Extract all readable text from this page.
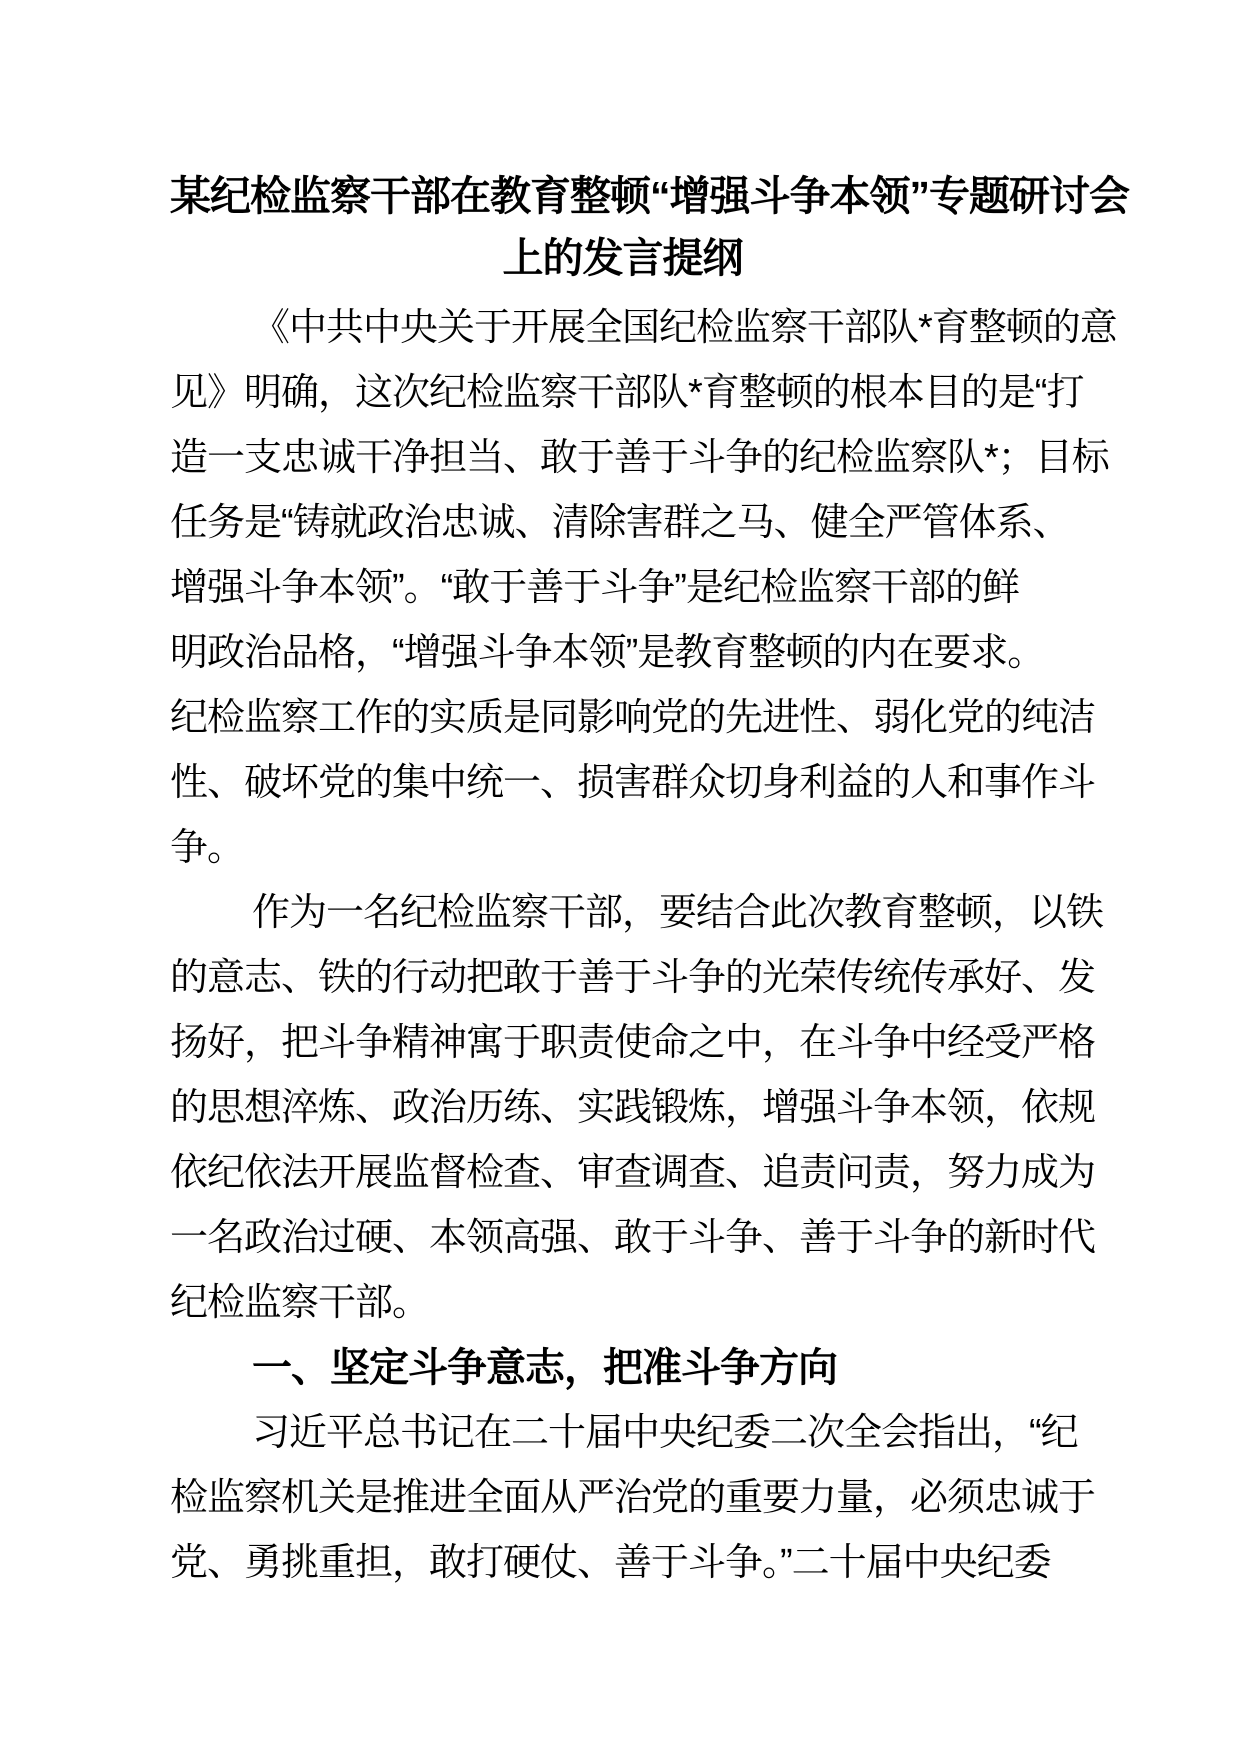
某纪检监察干部在教育整顿“增强斗争本领”专题研讨会
上的发言提纲
《中共中央关于开展全国纪检监察干部队*育整顿的意
见》明确，这次纪检监察干部队*育整顿的根本目的是“打
造一支忠诚干净担当、敢于善于斗争的纪检监察队*；目标
任务是“铸就政治忠诚、清除害群之马、健全严管体系、
增强斗争本领”。“敢于善于斗争”是纪检监察干部的鲜
明政治品格，“增强斗争本领”是教育整顿的内在要求。
纪检监察工作的实质是同影响党的先进性、弱化党的纯洁
性、破坏党的集中统一、损害群众切身利益的人和事作斗
争。
作为一名纪检监察干部，要结合此次教育整顿，以铁
的意志、铁的行动把敢于善于斗争的光荣传统传承好、发
扬好，把斗争精神寓于职责使命之中，在斗争中经受严格
的思想淬炼、政治历练、实践锻炼，增强斗争本领，依规
依纪依法开展监督检查、审查调查、追责问责，努力成为
一名政治过硬、本领高强、敢于斗争、善于斗争的新时代
纪检监察干部。
一、坚定斗争意志，把准斗争方向
习近平总书记在二十届中央纪委二次全会指出，“纪
检监察机关是推进全面从严治党的重要力量，必须忠诚于
党、勇挑重担，敢打硬仗、善于斗争。”二十届中央纪委
